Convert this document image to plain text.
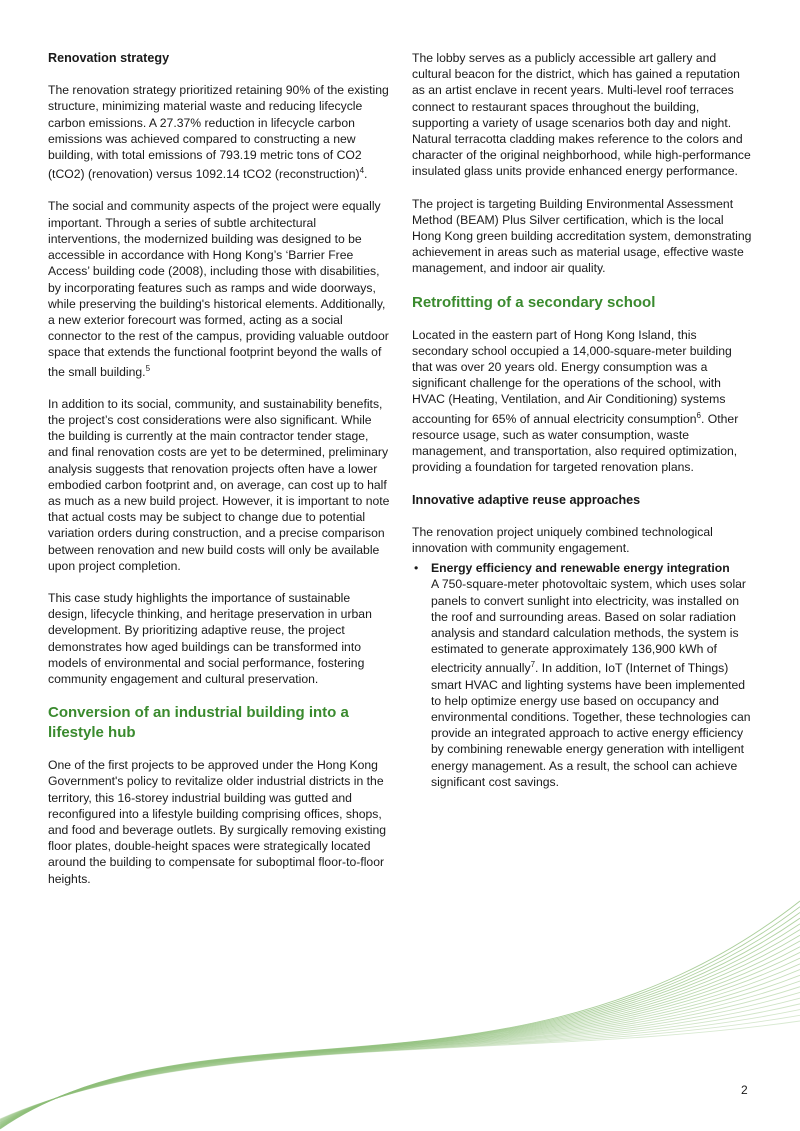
Renovation strategy

The renovation strategy prioritized retaining 90% of the existing structure, minimizing material waste and reducing lifecycle carbon emissions. A 27.37% reduction in lifecycle carbon emissions was achieved compared to constructing a new building, with total emissions of 793.19 metric tons of CO2 (tCO2) (renovation) versus 1092.14 tCO2 (reconstruction)$^4$.

The social and community aspects of the project were equally important. Through a series of subtle architectural interventions, the modernized building was designed to be accessible in accordance with Hong Kong’s ‘Barrier Free Access’ building code (2008), including those with disabilities, by incorporating features such as ramps and wide doorways, while preserving the building's historical elements. Additionally, a new exterior forecourt was formed, acting as a social connector to the rest of the campus, providing valuable outdoor space that extends the functional footprint beyond the walls of the small building.$^5$

In addition to its social, community, and sustainability benefits, the project’s cost considerations were also significant. While the building is currently at the main contractor tender stage, and final renovation costs are yet to be determined, preliminary analysis suggests that renovation projects often have a lower embodied carbon footprint and, on average, can cost up to half as much as a new build project. However, it is important to note that actual costs may be subject to change due to potential variation orders during construction, and a precise comparison between renovation and new build costs will only be available upon project completion.

This case study highlights the importance of sustainable design, lifecycle thinking, and heritage preservation in urban development. By prioritizing adaptive reuse, the project demonstrates how aged buildings can be transformed into models of environmental and social performance, fostering community engagement and cultural preservation.

Conversion of an industrial building into a lifestyle hub

One of the first projects to be approved under the Hong Kong Government's policy to revitalize older industrial districts in the territory, this 16-storey industrial building was gutted and reconfigured into a lifestyle building comprising offices, shops, and food and beverage outlets. By surgically removing existing floor plates, double-height spaces were strategically located around the building to compensate for suboptimal floor-to-floor heights.

The lobby serves as a publicly accessible art gallery and cultural beacon for the district, which has gained a reputation as an artist enclave in recent years. Multi-level roof terraces connect to restaurant spaces throughout the building, supporting a variety of usage scenarios both day and night.

Natural terracotta cladding makes reference to the colors and character of the original neighborhood, while high-performance insulated glass units provide enhanced energy performance.

The project is targeting Building Environmental Assessment Method (BEAM) Plus Silver certification, which is the local Hong Kong green building accreditation system, demonstrating achievement in areas such as material usage, effective waste management, and indoor air quality.

Retrofitting of a secondary school

Located in the eastern part of Hong Kong Island, this secondary school occupied a 14,000-square-meter building that was over 20 years old. Energy consumption was a significant challenge for the operations of the school, with HVAC (Heating, Ventilation, and Air Conditioning) systems accounting for 65% of annual electricity consumption$^6$. Other resource usage, such as water consumption, waste management, and transportation, also required optimization, providing a foundation for targeted renovation plans.

Innovative adaptive reuse approaches

The renovation project uniquely combined technological innovation with community engagement.

• Energy efficiency and renewable energy integration
A 750-square-meter photovoltaic system, which uses solar panels to convert sunlight into electricity, was installed on the roof and surrounding areas. Based on solar radiation analysis and standard calculation methods, the system is estimated to generate approximately 136,900 kWh of electricity annually$^7$. In addition, IoT (Internet of Things) smart HVAC and lighting systems have been implemented to help optimize energy use based on occupancy and environmental conditions. Together, these technologies can provide an integrated approach to active energy efficiency by combining renewable energy generation with intelligent energy management. As a result, the school can achieve significant cost savings.
2
